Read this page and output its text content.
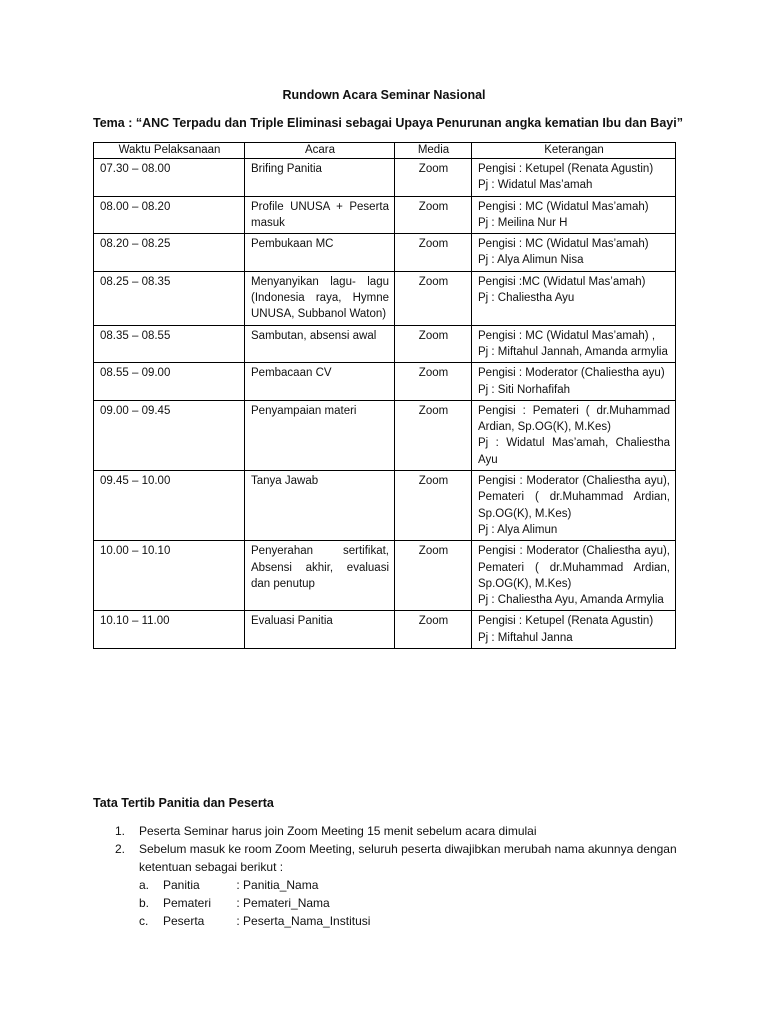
Rundown Acara Seminar Nasional
Tema : “ANC Terpadu dan Triple Eliminasi sebagai Upaya Penurunan angka kematian Ibu dan Bayi”
Waktu Pelaksanaan	Acara	Media	Keterangan
07.30 – 08.00	Brifing Panitia	Zoom	Pengisi : Ketupel (Renata Agustin)
Pj : Widatul Mas’amah

08.00 – 08.20	Profile UNUSA + Peserta masuk	Zoom	Pengisi : MC (Widatul Mas’amah)
Pj : Meilina Nur H

08.20 – 08.25	Pembukaan MC	Zoom	Pengisi : MC (Widatul Mas’amah)
Pj : Alya Alimun Nisa

08.25 – 08.35	Menyanyikan lagu- lagu (Indonesia raya, Hymne UNUSA, Subbanol Waton)	Zoom	Pengisi :MC (Widatul Mas’amah)
Pj : Chaliestha Ayu

08.35 – 08.55	Sambutan, absensi awal	Zoom	Pengisi : MC (Widatul Mas’amah) ,
Pj : Miftahul Jannah, Amanda armylia

08.55 – 09.00	Pembacaan CV	Zoom	Pengisi : Moderator (Chaliestha ayu)
Pj : Siti Norhafifah

09.00 – 09.45	Penyampaian materi	Zoom	Pengisi : Pemateri ( dr.Muhammad Ardian, Sp.OG(K), M.Kes)
Pj : Widatul Mas’amah, Chaliestha Ayu

09.45 – 10.00	Tanya Jawab	Zoom	Pengisi : Moderator (Chaliestha ayu), Pemateri ( dr.Muhammad Ardian, Sp.OG(K), M.Kes)
Pj : Alya Alimun

10.00 – 10.10	Penyerahan sertifikat, Absensi akhir, evaluasi dan penutup	Zoom	Pengisi : Moderator (Chaliestha ayu), Pemateri ( dr.Muhammad Ardian, Sp.OG(K), M.Kes)
Pj : Chaliestha Ayu, Amanda Armylia

10.10 – 11.00	Evaluasi Panitia	Zoom	Pengisi : Ketupel (Renata Agustin)
Pj : Miftahul Janna
Tata Tertib Panitia dan Peserta
1. Peserta Seminar harus join Zoom Meeting 15 menit sebelum acara dimulai
2. Sebelum masuk ke room Zoom Meeting, seluruh peserta diwajibkan merubah nama akunnya dengan ketentuan sebagai berikut :
a. Panitia	: Panitia_Nama
b. Pemateri : Pemateri_Nama
c. Peserta	: Peserta_Nama_Institusi
